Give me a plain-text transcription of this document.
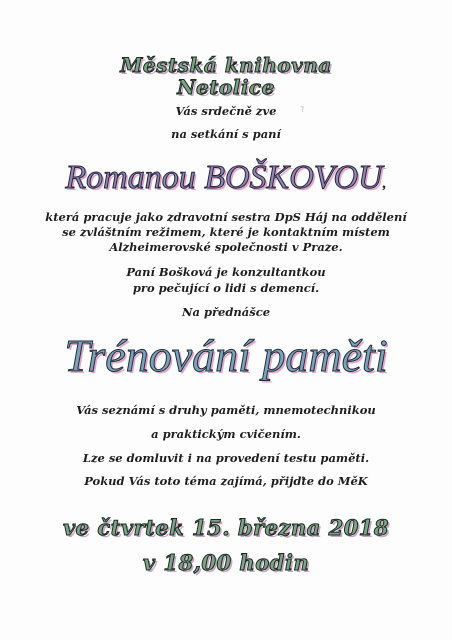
Městská knihovna
Netolice
⁊
Vás srdečně zve
na setkání s paní
Romanou BOŠKOVOU,
která pracuje jako zdravotní sestra DpS Háj na oddělení
se zvláštním režimem, které je kontaktním místem
Alzheimerovské společnosti v Praze.
Paní Bošková je konzultantkou
pro pečující o lidi s demencí.
Na přednášce
Trénování paměti
Vás seznámí s druhy paměti, mnemotechnikou
a praktickým cvičením.
Lze se domluvit i na provedení testu paměti.
Pokud Vás toto téma zajímá, přijďte do MěK
ve čtvrtek 15. března 2018
v 18,00 hodin
